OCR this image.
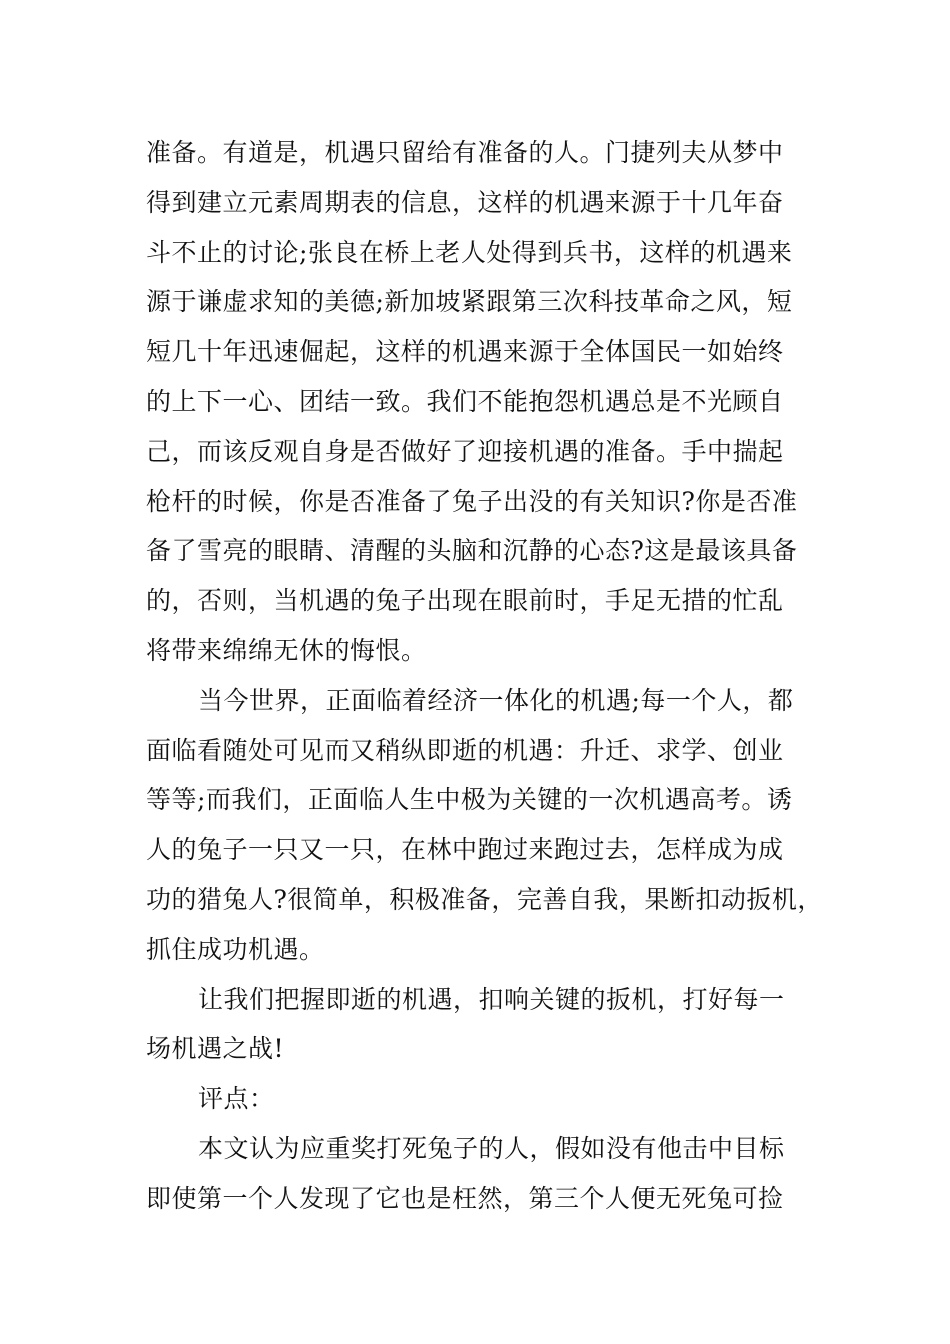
准备。有道是，机遇只留给有准备的人。门捷列夫从梦中
得到建立元素周期表的信息，这样的机遇来源于十几年奋
斗不止的讨论;张良在桥上老人处得到兵书，这样的机遇来
源于谦虚求知的美德;新加坡紧跟第三次科技革命之风，短
短几十年迅速倔起，这样的机遇来源于全体国民一如始终
的上下一心、团结一致。我们不能抱怨机遇总是不光顾自
己，而该反观自身是否做好了迎接机遇的准备。手中揣起
枪杆的时候，你是否准备了兔子出没的有关知识?你是否准
备了雪亮的眼睛、清醒的头脑和沉静的心态?这是最该具备
的，否则，当机遇的兔子出现在眼前时，手足无措的忙乱
将带来绵绵无休的悔恨。
当今世界，正面临着经济一体化的机遇;每一个人，都
面临看随处可见而又稍纵即逝的机遇：升迁、求学、创业
等等;而我们，正面临人生中极为关键的一次机遇高考。诱
人的兔子一只又一只，在林中跑过来跑过去，怎样成为成
功的猎兔人?很简单，积极准备，完善自我，果断扣动扳机，
抓住成功机遇。
让我们把握即逝的机遇，扣响关键的扳机，打好每一
场机遇之战!
评点：
本文认为应重奖打死兔子的人，假如没有他击中目标
即使第一个人发现了它也是枉然，第三个人便无死兔可捡
